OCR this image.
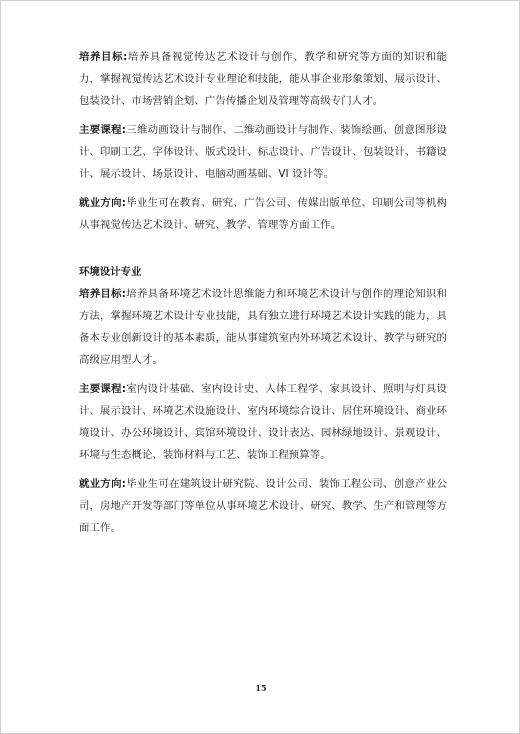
培养目标:培养具备视觉传达艺术设计与创作、教学和研究等方面的知识和能力，掌握视觉传达艺术设计专业理论和技能，能从事企业形象策划、展示设计、包装设计、市场营销企划、广告传播企划及管理等高级专门人才。

主要课程:三维动画设计与制作、二维动画设计与制作、装饰绘画、创意图形设计、印刷工艺、字体设计、版式设计、标志设计、广告设计、包装设计、书籍设计、展示设计、场景设计、电脑动画基础、VI 设计等。

就业方向:毕业生可在教育、研究、广告公司、传媒出版单位、印刷公司等机构从事视觉传达艺术设计、研究、教学、管理等方面工作。

环境设计专业

培养目标:培养具备环境艺术设计思维能力和环境艺术设计与创作的理论知识和方法，掌握环境艺术设计专业技能，具有独立进行环境艺术设计实践的能力，具备本专业创新设计的基本素质，能从事建筑室内外环境艺术设计、教学与研究的高级应用型人才。

主要课程:室内设计基础、室内设计史、人体工程学、家具设计、照明与灯具设计、展示设计、环境艺术设施设计、室内环境综合设计、居住环境设计、商业环境设计、办公环境设计、宾馆环境设计、设计表达、园林绿地设计、景观设计、环境与生态概论、装饰材料与工艺、装饰工程预算等。

就业方向:毕业生可在建筑设计研究院、设计公司、装饰工程公司、创意产业公司，房地产开发等部门等单位从事环境艺术设计、研究、教学、生产和管理等方面工作。

15
